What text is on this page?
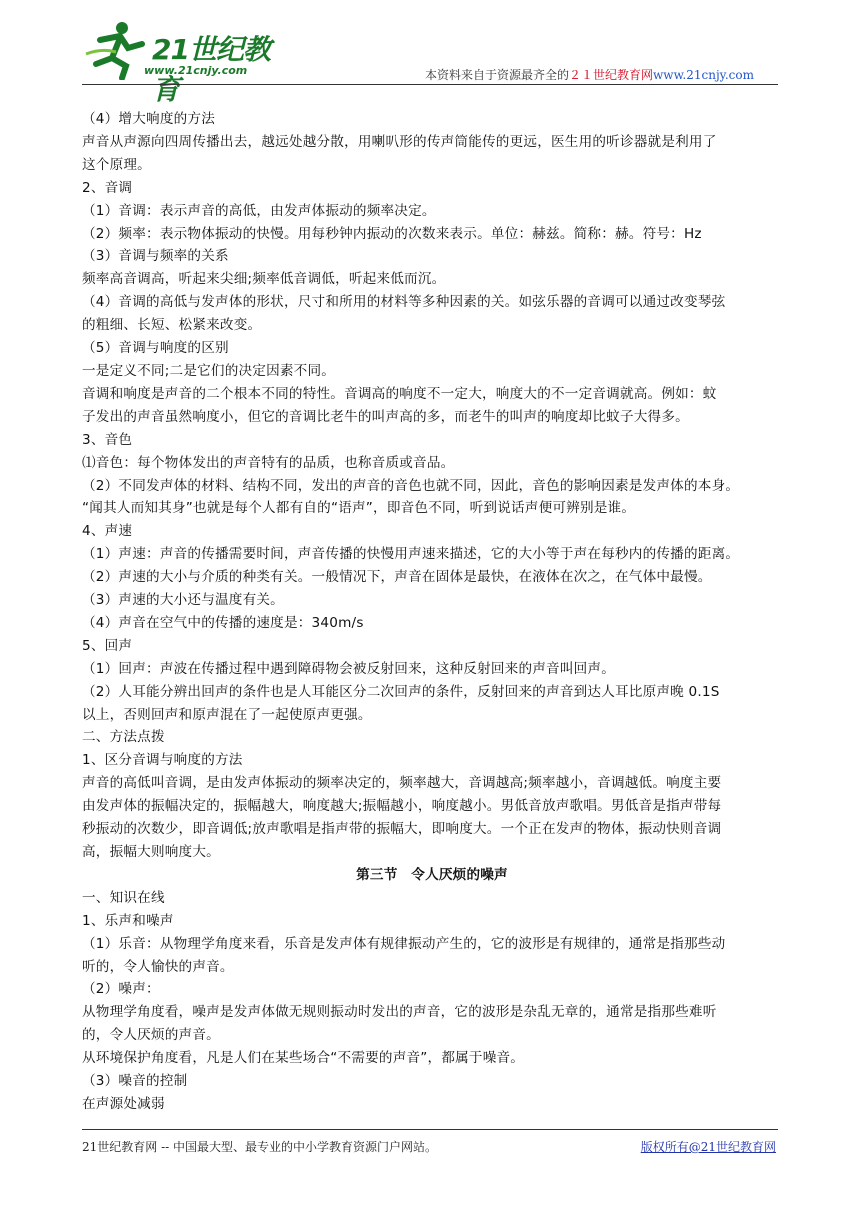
21世纪教育
www.21cnjy.com	本资料来自于资源最齐全的２１世纪教育网www.21cnjy.com
（4）增大响度的方法
声音从声源向四周传播出去，越远处越分散，用喇叭形的传声筒能传的更远，医生用的听诊器就是利用了
这个原理。
2、音调
（1）音调：表示声音的高低，由发声体振动的频率决定。
（2）频率：表示物体振动的快慢。用每秒钟内振动的次数来表示。单位：赫兹。简称：赫。符号：Hz
（3）音调与频率的关系
频率高音调高，听起来尖细;频率低音调低，听起来低而沉。
（4）音调的高低与发声体的形状，尺寸和所用的材料等多种因素的关。如弦乐器的音调可以通过改变琴弦
的粗细、长短、松紧来改变。
（5）音调与响度的区别
一是定义不同;二是它们的决定因素不同。
音调和响度是声音的二个根本不同的特性。音调高的响度不一定大，响度大的不一定音调就高。例如：蚊
子发出的声音虽然响度小，但它的音调比老牛的叫声高的多，而老牛的叫声的响度却比蚊子大得多。
3、音色
⑴音色：每个物体发出的声音特有的品质，也称音质或音品。
（2）不同发声体的材料、结构不同，发出的声音的音色也就不同，因此，音色的影响因素是发声体的本身。
“闻其人而知其身”也就是每个人都有自的“语声”，即音色不同，听到说话声便可辨别是谁。
4、声速
（1）声速：声音的传播需要时间，声音传播的快慢用声速来描述，它的大小等于声在每秒内的传播的距离。
（2）声速的大小与介质的种类有关。一般情况下，声音在固体是最快，在液体在次之，在气体中最慢。
（3）声速的大小还与温度有关。
（4）声音在空气中的传播的速度是：340m/s
5、回声
（1）回声：声波在传播过程中遇到障碍物会被反射回来，这种反射回来的声音叫回声。
（2）人耳能分辨出回声的条件也是人耳能区分二次回声的条件，反射回来的声音到达人耳比原声晚 0.1S
以上，否则回声和原声混在了一起使原声更强。
二、方法点拨
1、区分音调与响度的方法
声音的高低叫音调，是由发声体振动的频率决定的，频率越大，音调越高;频率越小，音调越低。响度主要
由发声体的振幅决定的，振幅越大，响度越大;振幅越小，响度越小。男低音放声歌唱。男低音是指声带每
秒振动的次数少，即音调低;放声歌唱是指声带的振幅大，即响度大。一个正在发声的物体，振动快则音调
高，振幅大则响度大。
第三节　令人厌烦的噪声
一、知识在线
1、乐声和噪声
（1）乐音：从物理学角度来看，乐音是发声体有规律振动产生的，它的波形是有规律的，通常是指那些动
听的，令人愉快的声音。
（2）噪声：
从物理学角度看，噪声是发声体做无规则振动时发出的声音，它的波形是杂乱无章的，通常是指那些难听
的，令人厌烦的声音。
从环境保护角度看，凡是人们在某些场合“不需要的声音”，都属于噪音。
（3）噪音的控制
在声源处减弱
21世纪教育网 -- 中国最大型、最专业的中小学教育资源门户网站。	版权所有@21世纪教育网
